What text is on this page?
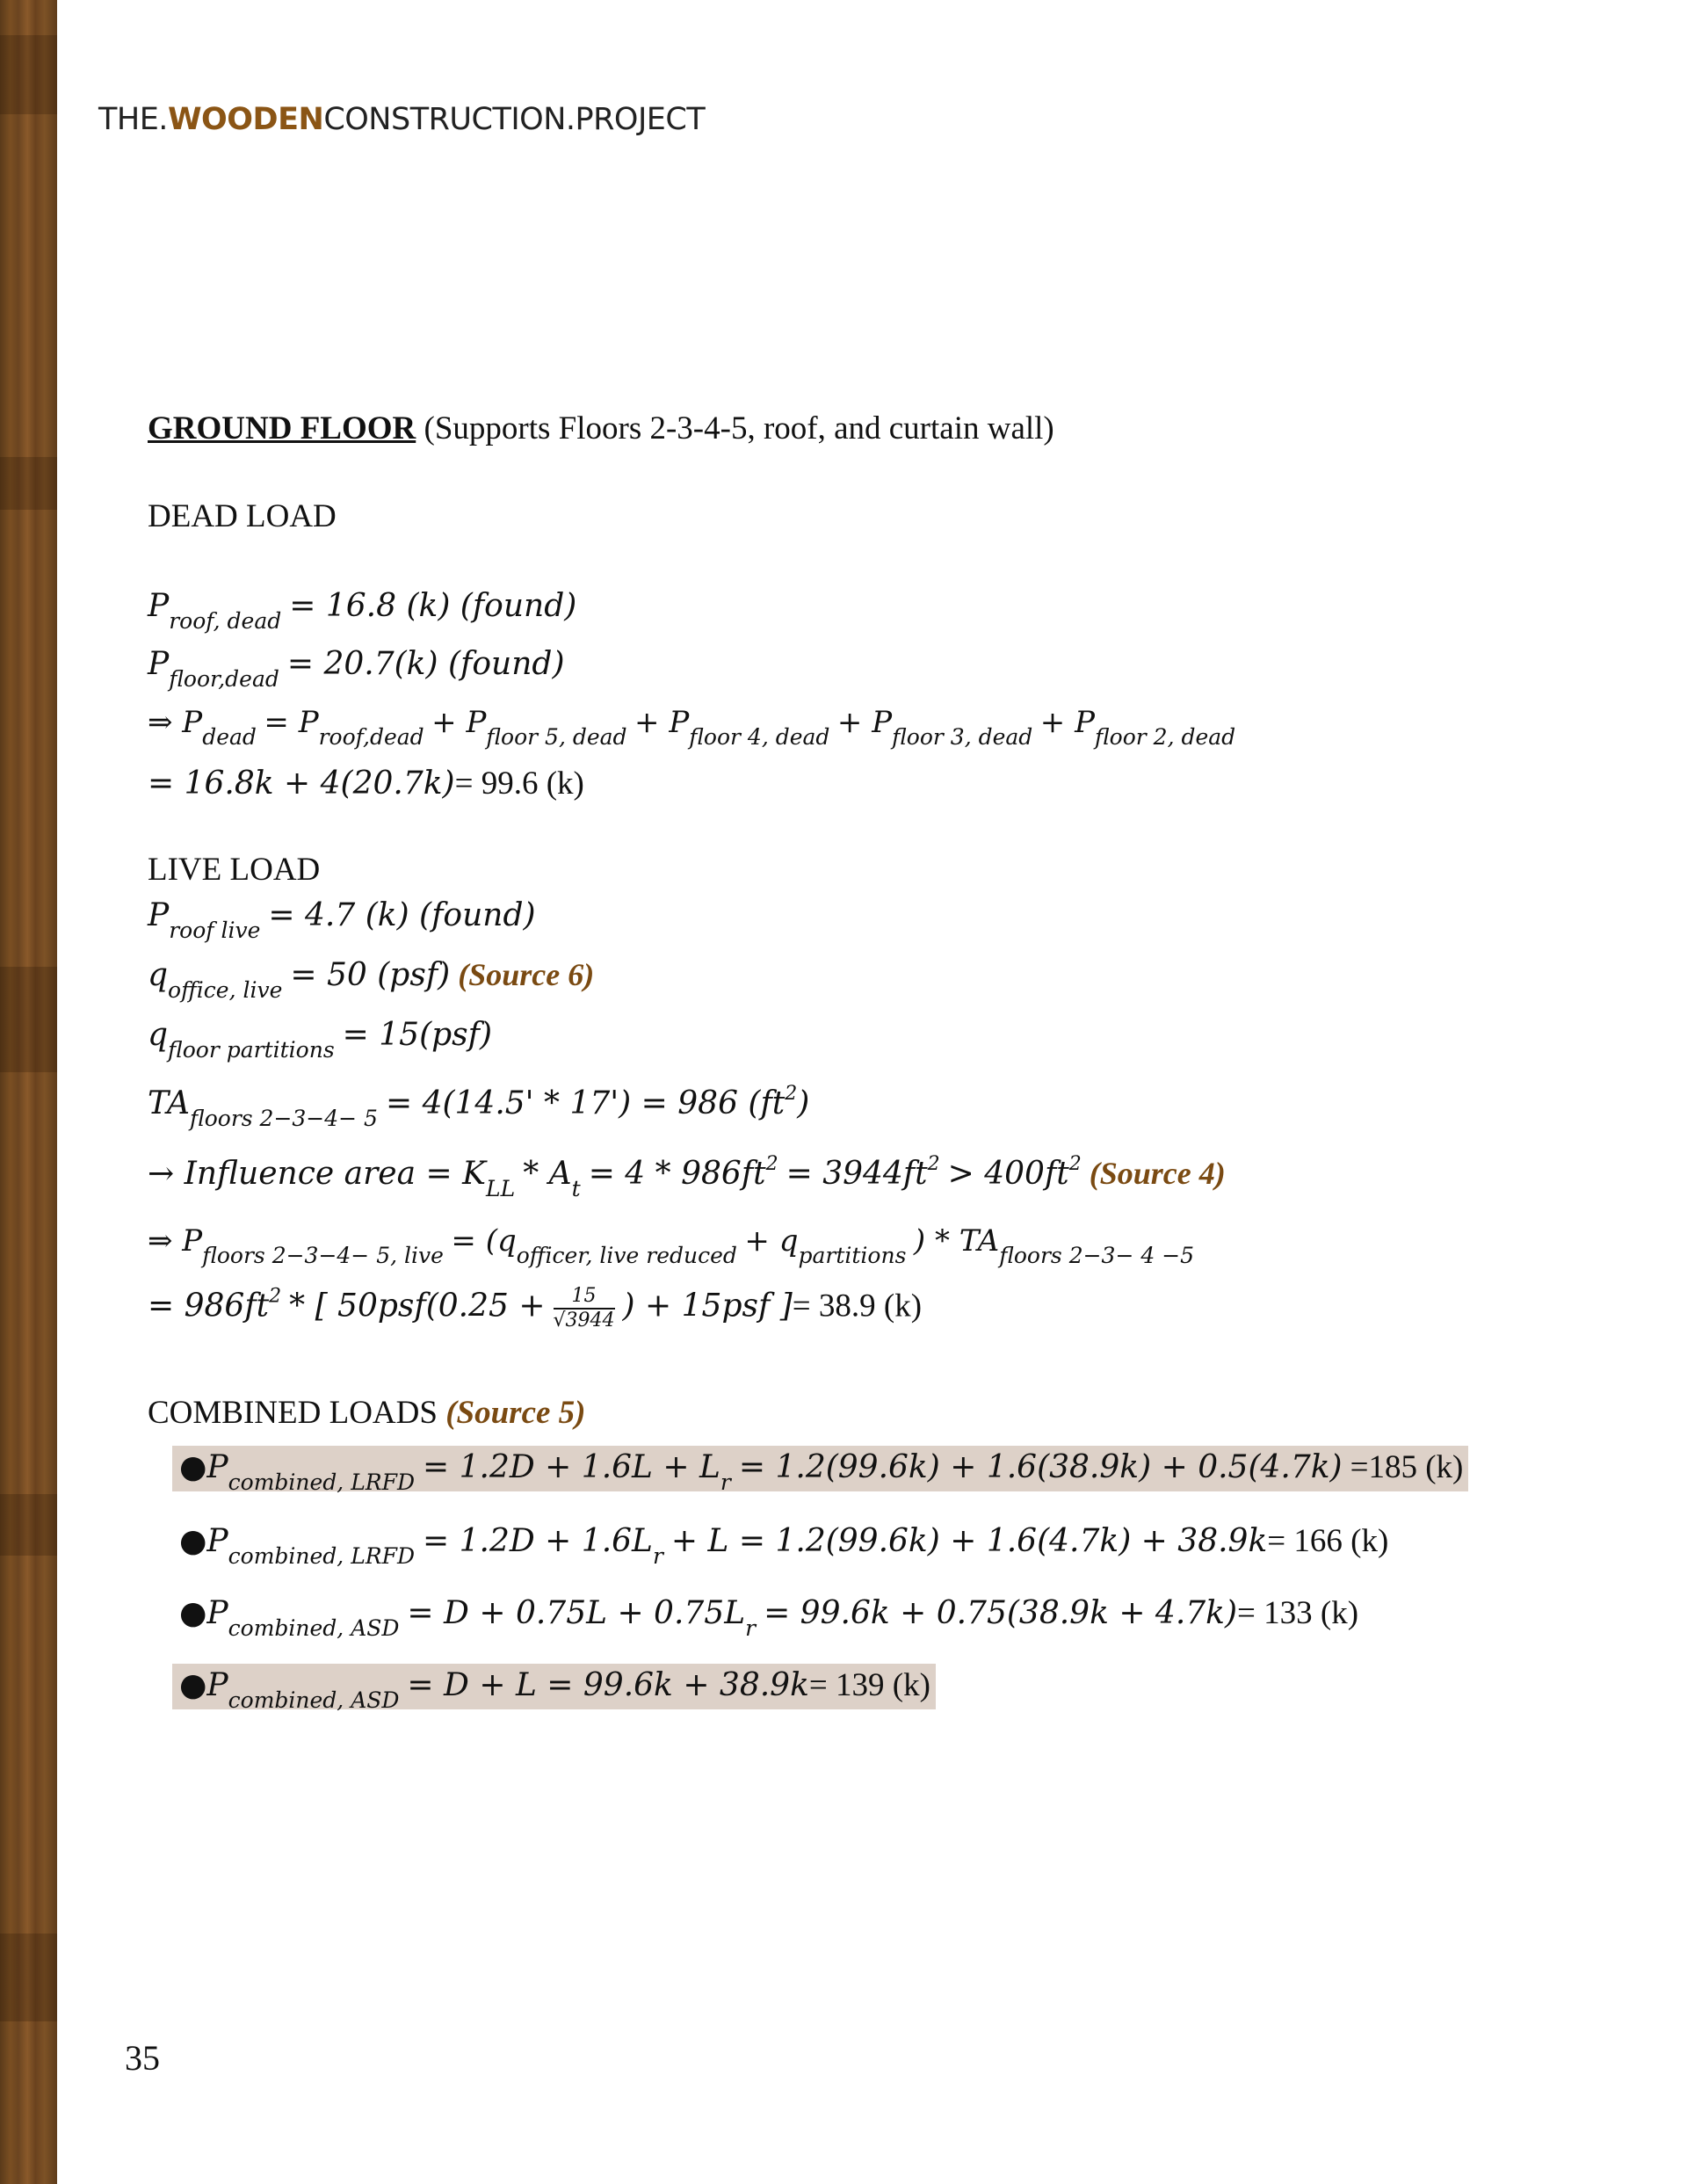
THE.WOODENCONSTRUCTION.PROJECT
GROUND FLOOR (Supports Floors 2-3-4-5, roof, and curtain wall)
DEAD LOAD
$P_{roof, dead} = 16.8$ (k) (found)
$P_{floor,dead} = 20.7(k)$ (found)
⇒ $P_{dead} = P_{roof,dead} + P_{floor 5, dead} + P_{floor 4, dead} + P_{floor 3, dead} + P_{floor 2, dead}$
= 16.8k + 4(20.7k)= 99.6 (k)
LIVE LOAD
$P_{roof live} = 4.7$ (k) (found)
$q_{office, live} = 50$ (psf) (Source 6)
$q_{floor partitions} = 15(psf)$
$TA_{floors 2-3-4- 5} = 4(14.5' * 17') = 986$ $(ft^2)$
→ Influence area = $K_{LL} * A_t = 4 * 986ft^2 = 3944ft^2 > 400ft^2$ (Source 4)
⇒ $P_{floors 2-3-4- 5, live} = (q_{officer, live reduced} + q_{partitions}$ ) * $TA_{floors 2-3- 4 -5}$
= $986ft^2$ * [ $50psf(0.25 + \frac{15}{√3944}$ ) + 15psf ]= 38.9 (k)
COMBINED LOADS (Source 5)
$●P_{combined, LRFD} = 1.2D + 1.6L + L_r = 1.2(99.6k) + 1.6(38.9k) + 0.5(4.7k) =185$ (k)
$●P_{combined, LRFD} = 1.2D + 1.6L_r + L = 1.2(99.6k) + 1.6(4.7k) + 38.9k= 166$ (k)
$●P_{combined, ASD} = D + 0.75L + 0.75L_r = 99.6k + 0.75(38.9k + 4.7k)= 133$ (k)
$●P_{combined, ASD} = D + L = 99.6k + 38.9k= 139$ (k)
35
